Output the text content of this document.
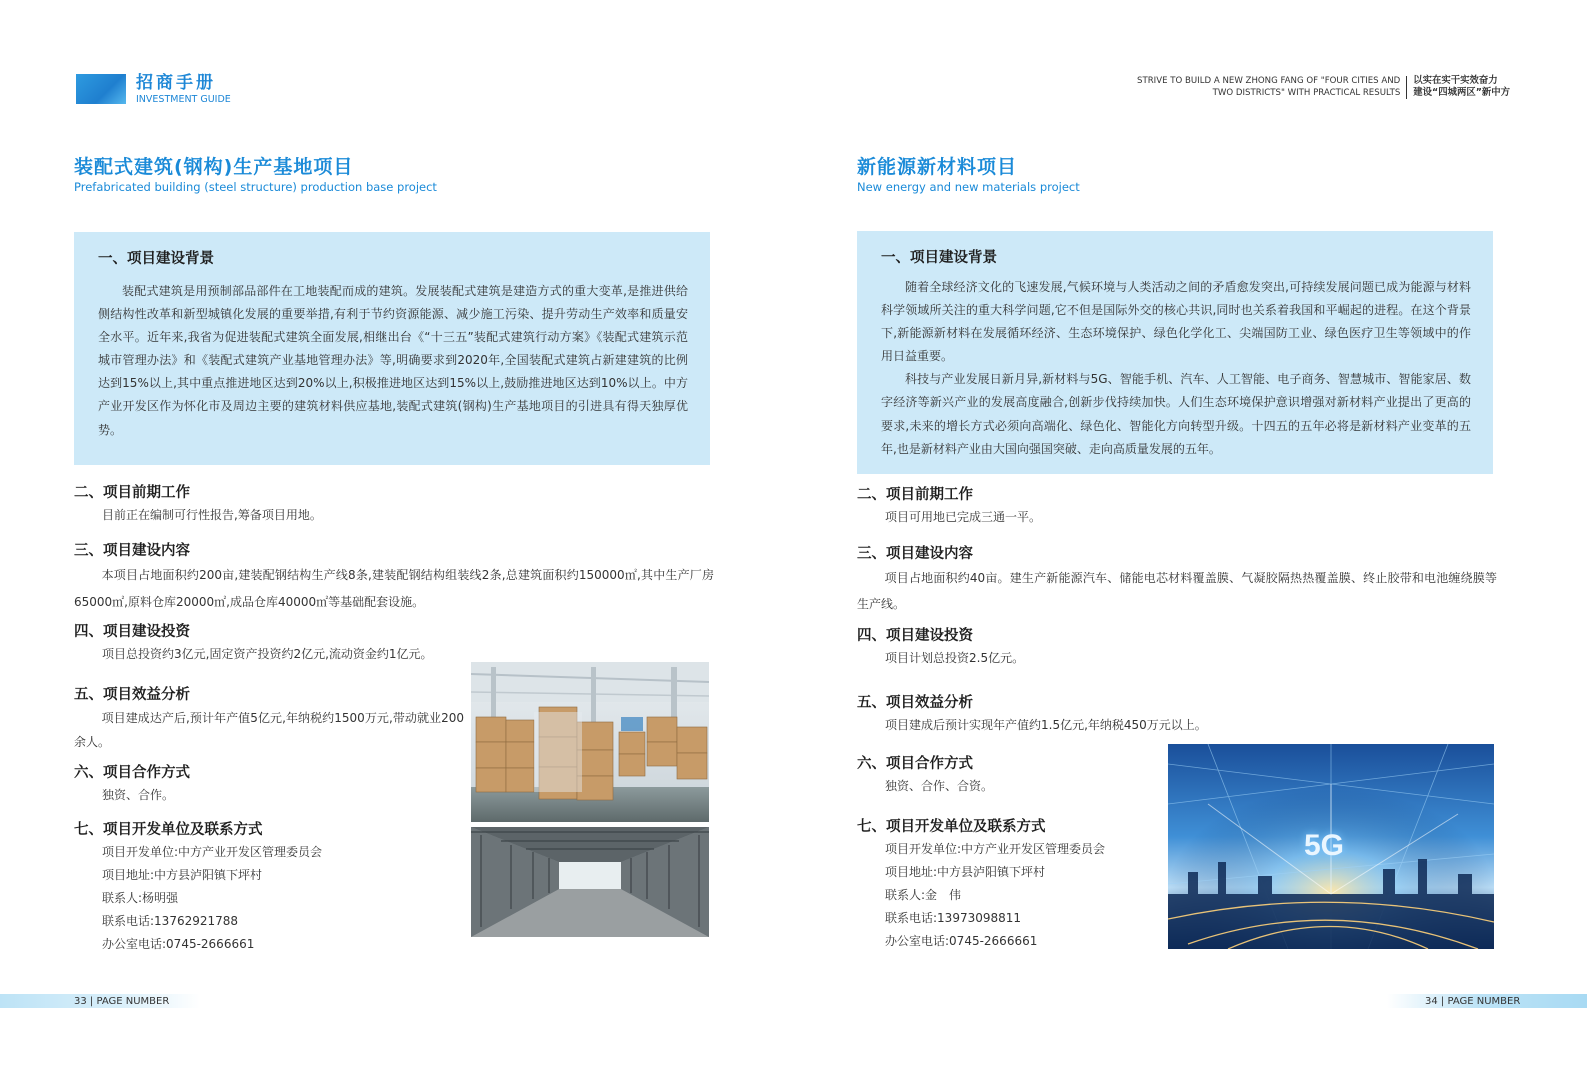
招商手册
INVESTMENT GUIDE
STRIVE TO BUILD A NEW ZHONG FANG OF "FOUR CITIES AND
TWO DISTRICTS" WITH PRACTICAL RESULTS
以实在实干实效奋力
建设“四城两区”新中方
装配式建筑(钢构)生产基地项目
Prefabricated building (steel structure) production base project
一、项目建设背景
装配式建筑是用预制部品部件在工地装配而成的建筑。发展装配式建筑是建造方式的重大变革,是推进供给侧结构性改革和新型城镇化发展的重要举措,有利于节约资源能源、减少施工污染、提升劳动生产效率和质量安全水平。近年来,我省为促进装配式建筑全面发展,相继出台《“十三五”装配式建筑行动方案》《装配式建筑示范城市管理办法》和《装配式建筑产业基地管理办法》等,明确要求到2020年,全国装配式建筑占新建建筑的比例达到15%以上,其中重点推进地区达到20%以上,积极推进地区达到15%以上,鼓励推进地区达到10%以上。中方产业开发区作为怀化市及周边主要的建筑材料供应基地,装配式建筑(钢构)生产基地项目的引进具有得天独厚优势。
二、项目前期工作
目前正在编制可行性报告,筹备项目用地。
三、项目建设内容
本项目占地面积约200亩,建装配钢结构生产线8条,建装配钢结构组装线2条,总建筑面积约150000㎡,其中生产厂房65000㎡,原料仓库20000㎡,成品仓库40000㎡等基础配套设施。
四、项目建设投资
项目总投资约3亿元,固定资产投资约2亿元,流动资金约1亿元。
五、项目效益分析
项目建成达产后,预计年产值5亿元,年纳税约1500万元,带动就业200余人。
六、项目合作方式
独资、合作。
七、项目开发单位及联系方式
项目开发单位:中方产业开发区管理委员会
项目地址:中方县泸阳镇下坪村
联系人:杨明强
联系电话:13762921788
办公室电话:0745-2666661
新能源新材料项目
New energy and new materials project
一、项目建设背景
随着全球经济文化的飞速发展,气候环境与人类活动之间的矛盾愈发突出,可持续发展问题已成为能源与材料科学领域所关注的重大科学问题,它不但是国际外交的核心共识,同时也关系着我国和平崛起的进程。在这个背景下,新能源新材料在发展循环经济、生态环境保护、绿色化学化工、尖端国防工业、绿色医疗卫生等领域中的作用日益重要。
科技与产业发展日新月异,新材料与5G、智能手机、汽车、人工智能、电子商务、智慧城市、智能家居、数字经济等新兴产业的发展高度融合,创新步伐持续加快。人们生态环境保护意识增强对新材料产业提出了更高的要求,未来的增长方式必须向高端化、绿色化、智能化方向转型升级。十四五的五年必将是新材料产业变革的五年,也是新材料产业由大国向强国突破、走向高质量发展的五年。
二、项目前期工作
项目可用地已完成三通一平。
三、项目建设内容
项目占地面积约40亩。建生产新能源汽车、储能电芯材料覆盖膜、气凝胶隔热热覆盖膜、终止胶带和电池缠绕膜等生产线。
四、项目建设投资
项目计划总投资2.5亿元。
五、项目效益分析
项目建成后预计实现年产值约1.5亿元,年纳税450万元以上。
六、项目合作方式
独资、合作、合资。
七、项目开发单位及联系方式
项目开发单位:中方产业开发区管理委员会
项目地址:中方县泸阳镇下坪村
联系人:金　伟
联系电话:13973098811
办公室电话:0745-2666661
5G
33 | PAGE NUMBER	34 | PAGE NUMBER
